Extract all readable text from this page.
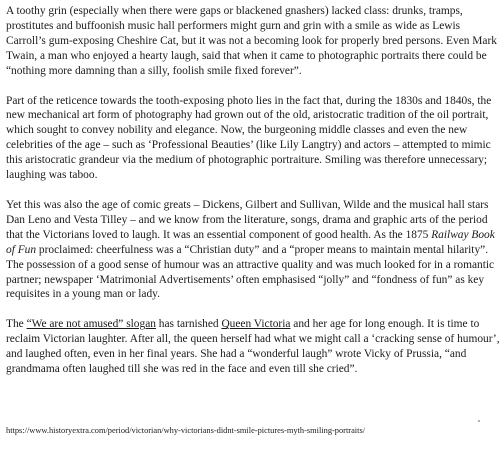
A toothy grin (especially when there were gaps or blackened gnashers) lacked class: drunks, tramps, prostitutes and buffoonish music hall performers might gurn and grin with a smile as wide as Lewis Carroll’s gum-exposing Cheshire Cat, but it was not a becoming look for properly bred persons. Even Mark Twain, a man who enjoyed a hearty laugh, said that when it came to photographic portraits there could be “nothing more damning than a silly, foolish smile fixed forever”.

Part of the reticence towards the tooth-exposing photo lies in the fact that, during the 1830s and 1840s, the new mechanical art form of photography had grown out of the old, aristocratic tradition of the oil portrait, which sought to convey nobility and elegance. Now, the burgeoning middle classes and even the new celebrities of the age – such as ‘Professional Beauties’ (like Lily Langtry) and actors – attempted to mimic this aristocratic grandeur via the medium of photographic portraiture. Smiling was therefore unnecessary; laughing was taboo.

Yet this was also the age of comic greats – Dickens, Gilbert and Sullivan, Wilde and the musical hall stars Dan Leno and Vesta Tilley – and we know from the literature, songs, drama and graphic arts of the period that the Victorians loved to laugh. It was an essential component of good health. As the 1875 Railway Book of Fun proclaimed: cheerfulness was a “Christian duty” and a “proper means to maintain mental hilarity”. The possession of a good sense of humour was an attractive quality and was much looked for in a romantic partner; newspaper ‘Matrimonial Advertisements’ often emphasised “jolly” and “fondness of fun” as key requisites in a young man or lady.

The “We are not amused” slogan has tarnished Queen Victoria and her age for long enough. It is time to reclaim Victorian laughter. After all, the queen herself had what we might call a ‘cracking sense of humour’, and laughed often, even in her final years. She had a “wonderful laugh” wrote Vicky of Prussia, “and grandmama often laughed till she was red in the face and even till she cried”.

https://www.historyextra.com/period/victorian/why-victorians-didnt-smile-pictures-myth-smiling-portraits/
